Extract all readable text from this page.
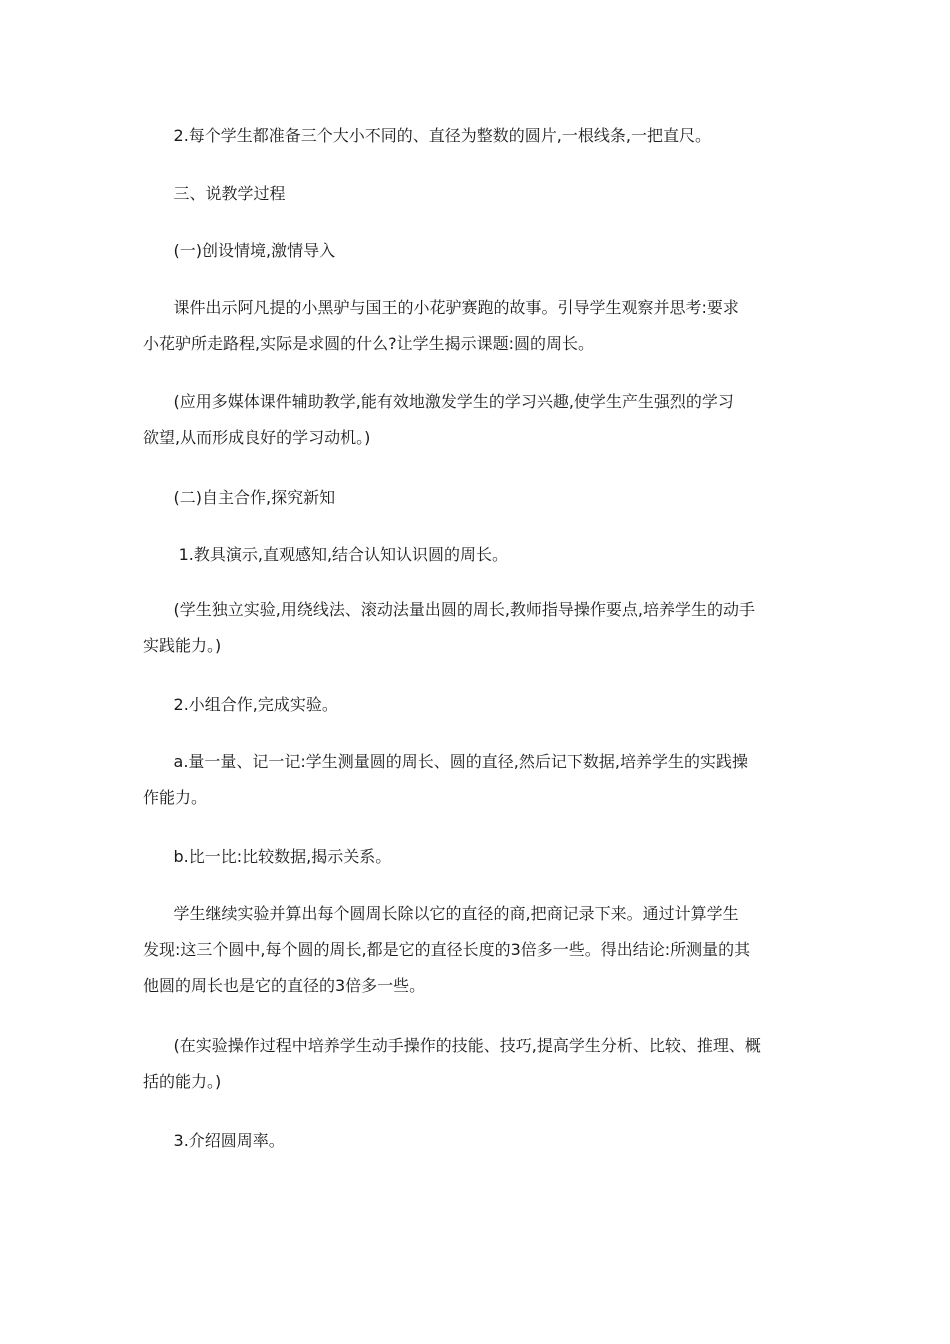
2.每个学生都准备三个大小不同的、直径为整数的圆片,一根线条,一把直尺。

三、说教学过程

(一)创设情境,激情导入

课件出示阿凡提的小黑驴与国王的小花驴赛跑的故事。引导学生观察并思考:要求
小花驴所走路程,实际是求圆的什么?让学生揭示课题:圆的周长。

(应用多媒体课件辅助教学,能有效地激发学生的学习兴趣,使学生产生强烈的学习
欲望,从而形成良好的学习动机。)

(二)自主合作,探究新知

1.教具演示,直观感知,结合认知认识圆的周长。

(学生独立实验,用绕线法、滚动法量出圆的周长,教师指导操作要点,培养学生的动手
实践能力。)

2.小组合作,完成实验。

a.量一量、记一记:学生测量圆的周长、圆的直径,然后记下数据,培养学生的实践操
作能力。

b.比一比:比较数据,揭示关系。

学生继续实验并算出每个圆周长除以它的直径的商,把商记录下来。通过计算学生
发现:这三个圆中,每个圆的周长,都是它的直径长度的3倍多一些。得出结论:所测量的其
他圆的周长也是它的直径的3倍多一些。

(在实验操作过程中培养学生动手操作的技能、技巧,提高学生分析、比较、推理、概
括的能力。)

3.介绍圆周率。
